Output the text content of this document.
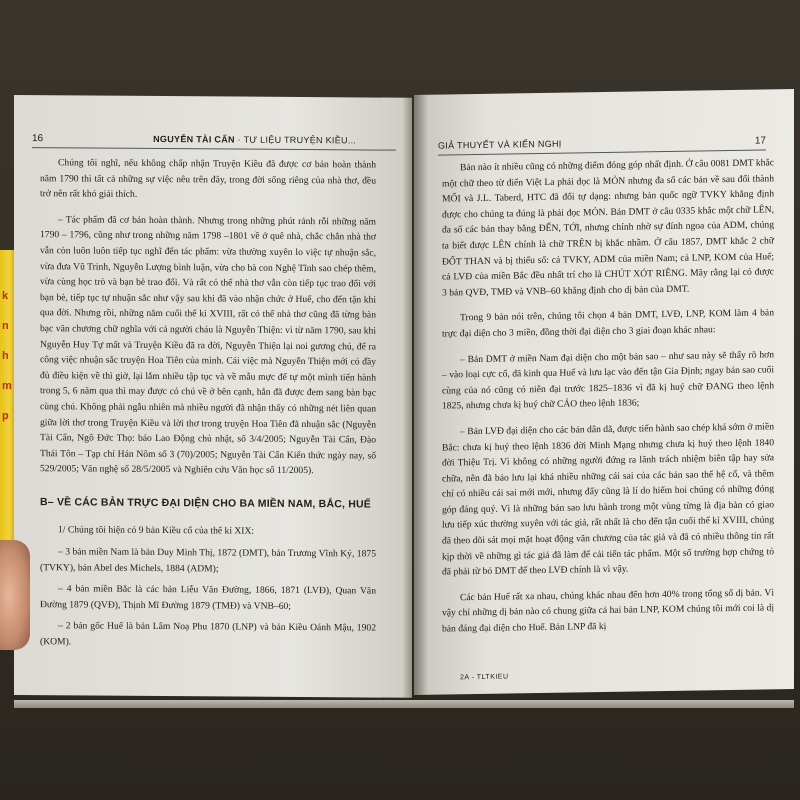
k
n
h
m
p
16	NGUYỄN TÀI CẨN · TƯ LIỆU TRUYỆN KIỀU...

Chúng tôi nghĩ, nếu không chấp nhận Truyện Kiều đã được cơ bản hoàn thành năm 1790 thì tất cả những sự việc nêu trên đây, trong đời sống riêng của nhà thơ, đều trở nên rất khó giải thích.

– Tác phẩm đã cơ bản hoàn thành. Nhưng trong những phút rảnh rỗi những năm 1790 – 1796, cũng như trong những năm 1798 –1801 về ở quê nhà, chắc chắn nhà thơ vẫn còn luôn luôn tiếp tục nghĩ đến tác phẩm: vừa thường xuyên lo việc tự nhuận sắc, vừa đưa Vũ Trinh, Nguyễn Lượng bình luận, vừa cho bà con Nghệ Tĩnh sao chép thêm, vừa cùng học trò và bạn bè trao đổi. Và rất có thể nhà thơ vẫn còn tiếp tục trao đổi với bạn bè, tiếp tục tự nhuận sắc như vậy sau khi đã vào nhận chức ở Huế, cho đến tận khi qua đời. Nhưng rồi, những năm cuối thế kỉ XVIII, rất có thể nhà thơ cũng đã từng bàn bạc văn chương chữ nghĩa với cả người cháu là Nguyễn Thiện: vì từ năm 1790, sau khi Nguyễn Huy Tự mất và Truyện Kiều đã ra đời, Nguyễn Thiện lại noi gương chú, để ra công việc nhuận sắc truyện Hoa Tiên của mình. Cái việc mà Nguyễn Thiện mới có đầy đủ điều kiện về thì giờ, lại lắm nhiều tập tục và về mẫu mực để tự một mình tiến hành trong 5, 6 năm qua thì may được có chú về ở bên cạnh, hẳn đã được đem sang bàn bạc cùng chú. Không phải ngẫu nhiên mà nhiều người đã nhận thấy có những nét liên quan giữa lời thơ trong Truyện Kiều và lời thơ trong truyện Hoa Tiên đã nhuận sắc (Nguyễn Tài Cẩn, Ngô Đức Thọ: báo Lao Động chủ nhật, số 3/4/2005; Nguyễn Tài Cẩn, Đào Thái Tôn – Tạp chí Hán Nôm số 3 (70)/2005; Nguyễn Tài Cẩn Kiến thức ngày nay, số 529/2005; Văn nghệ số 28/5/2005 và Nghiên cứu Văn học số 11/2005).

B– VỀ CÁC BẢN TRỰC ĐẠI DIỆN CHO BA MIỀN NAM, BẮC, HUẾ

1/ Chúng tôi hiện có 9 bản Kiều cổ của thế kỉ XIX:

– 3 bản miền Nam là bản Duy Minh Thị, 1872 (DMT), bản Trương Vĩnh Ký, 1875 (TVKY), bản Abel des Michels, 1884 (ADM);

– 4 bản miền Bắc là các bản Liễu Văn Đường, 1866, 1871 (LVĐ), Quan Văn Đường 1879 (QVĐ), Thịnh Mĩ Đường 1879 (TMĐ) và VNB–60;

– 2 bản gốc Huế là bản Lâm Noạ Phu 1870 (LNP) và bản Kiều Oánh Mậu, 1902 (KOM).

GIẢ THUYẾT VÀ KIẾN NGHỊ	17

Bản nào ít nhiều cũng có những điểm đóng góp nhất định. Ở câu 0081 DMT khắc một chữ theo từ điển Việt La phải đọc là MỎN nhưng đa số các bản về sau đổi thành MỐI và J.L. Taberd, HTC đã đổi tự dạng: nhưng bản quốc ngữ TVKY khẳng định được cho chúng ta đúng là phải đọc MỎN. Bản DMT ở câu 0335 khắc một chữ LÊN, đa số các bản thay bằng ĐẾN, TỚI, nhưng chính nhờ sự đính ngoa của ADM, chúng ta biết được LÊN chính là chữ TRÊN bị khắc nhầm. Ở câu 1857, DMT khắc 2 chữ ĐỐT THAN và bị thiếu số: cả TVKY, ADM của miền Nam; cả LNP, KOM của Huế; cả LVĐ của miền Bắc đều nhất trí cho là CHÚT XÓT RIÊNG. Mãy rằng lại có được 3 bản QVĐ, TMĐ và VNB–60 khẳng định cho dị bản của DMT.

Trong 9 bản nói trên, chúng tôi chọn 4 bản DMT, LVĐ, LNP, KOM làm 4 bản trực đại diện cho 3 miền, đồng thời đại diện cho 3 giai đoạn khác nhau:

– Bản DMT ở miền Nam đại diện cho một bản sao – như sau này sẽ thấy rõ hơn – vào loại cực cổ, đã kinh qua Huế và lưu lạc vào đến tận Gia Định; ngay bản sao cuối cùng của nó cũng có niên đại trước 1825–1836 vì đã kị huý chữ ĐANG theo lệnh 1825, nhưng chưa kị huý chữ CẢO theo lệnh 1836;

– Bản LVĐ đại diện cho các bản dân dã, được tiến hành sao chép khá sớm ở miền Bắc: chưa kị huý theo lệnh 1836 đời Minh Mạng nhưng chưa kị huý theo lệnh 1840 đời Thiệu Trị. Vì không có những người đứng ra lãnh trách nhiệm biên tập hay sửa chữa, nên đã bảo lưu lại khá nhiều những cái sai của các bản sao thế hệ cổ, và thêm chí có nhiều cái sai mới mới, nhưng đấy cũng là lí do hiếm hoi chúng có những đóng góp đáng quý. Vì là những bản sao lưu hành trong một vùng từng là địa bàn có giao lưu tiếp xúc thường xuyên với tác giả, rất nhất là cho đến tận cuối thế kỉ XVIII, chúng đã theo dõi sát mọi mặt hoạt động văn chương của tác giả và đã có nhiều thông tin rất kịp thời về những gì tác giả đã làm để cải tiến tác phẩm. Một số trường hợp chứng tỏ đã phải từ bỏ DMT để theo LVĐ chính là vì vậy.

Các bản Huế rất xa nhau, chúng khác nhau đến hơn 40% trong tổng số dị bản. Vì vậy chỉ những dị bản nào có chung giữa cả hai bản LNP, KOM chúng tôi mới coi là dị bản đáng đại diện cho Huế. Bản LNP đã kị

2A - TLTKIEU
